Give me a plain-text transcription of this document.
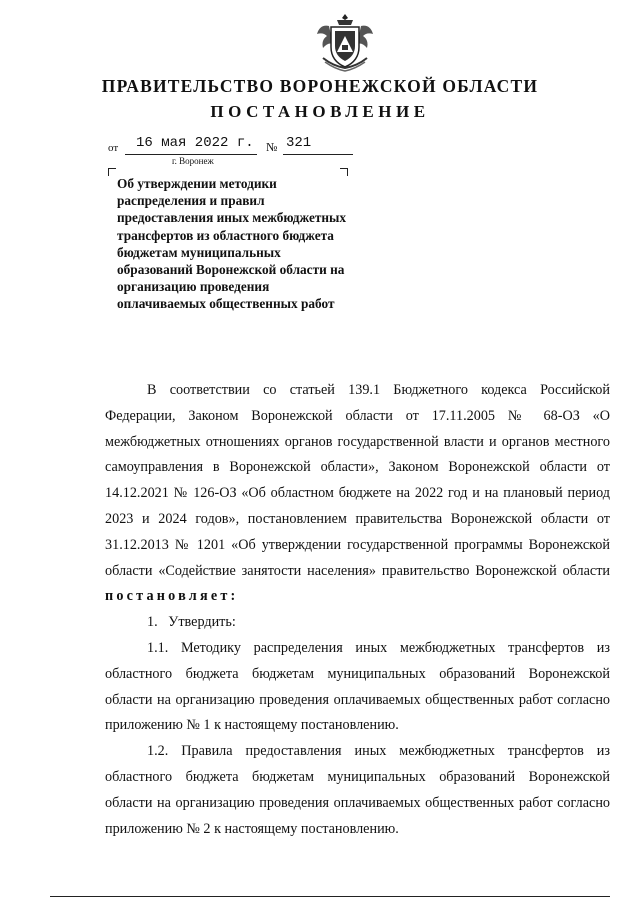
ПРАВИТЕЛЬСТВО ВОРОНЕЖСКОЙ ОБЛАСТИ
ПОСТАНОВЛЕНИЕ
от 16 мая 2022 г. № 321
г. Воронеж
Об утверждении методики распределения и правил предоставления иных межбюджетных трансфертов из областного бюджета бюджетам муниципальных образований Воронежской области на организацию проведения оплачиваемых общественных работ

В соответствии со статьей 139.1 Бюджетного кодекса Российской Федерации, Законом Воронежской области от 17.11.2005 № 68-ОЗ «О межбюджетных отношениях органов государственной власти и органов местного самоуправления в Воронежской области», Законом Воронежской области от 14.12.2021 № 126-ОЗ «Об областном бюджете на 2022 год и на плановый период 2023 и 2024 годов», постановлением правительства Воронежской области от 31.12.2013 № 1201 «Об утверждении государственной программы Воронежской области «Содействие занятости населения» правительство Воронежской области постановляет:

1.   Утвердить:

1.1. Методику распределения иных межбюджетных трансфертов из областного бюджета бюджетам муниципальных образований Воронежской области на организацию проведения оплачиваемых общественных работ согласно приложению № 1 к настоящему постановлению.

1.2. Правила предоставления иных межбюджетных трансфертов из областного бюджета бюджетам муниципальных образований Воронежской области на организацию проведения оплачиваемых общественных работ согласно приложению № 2 к настоящему постановлению.
